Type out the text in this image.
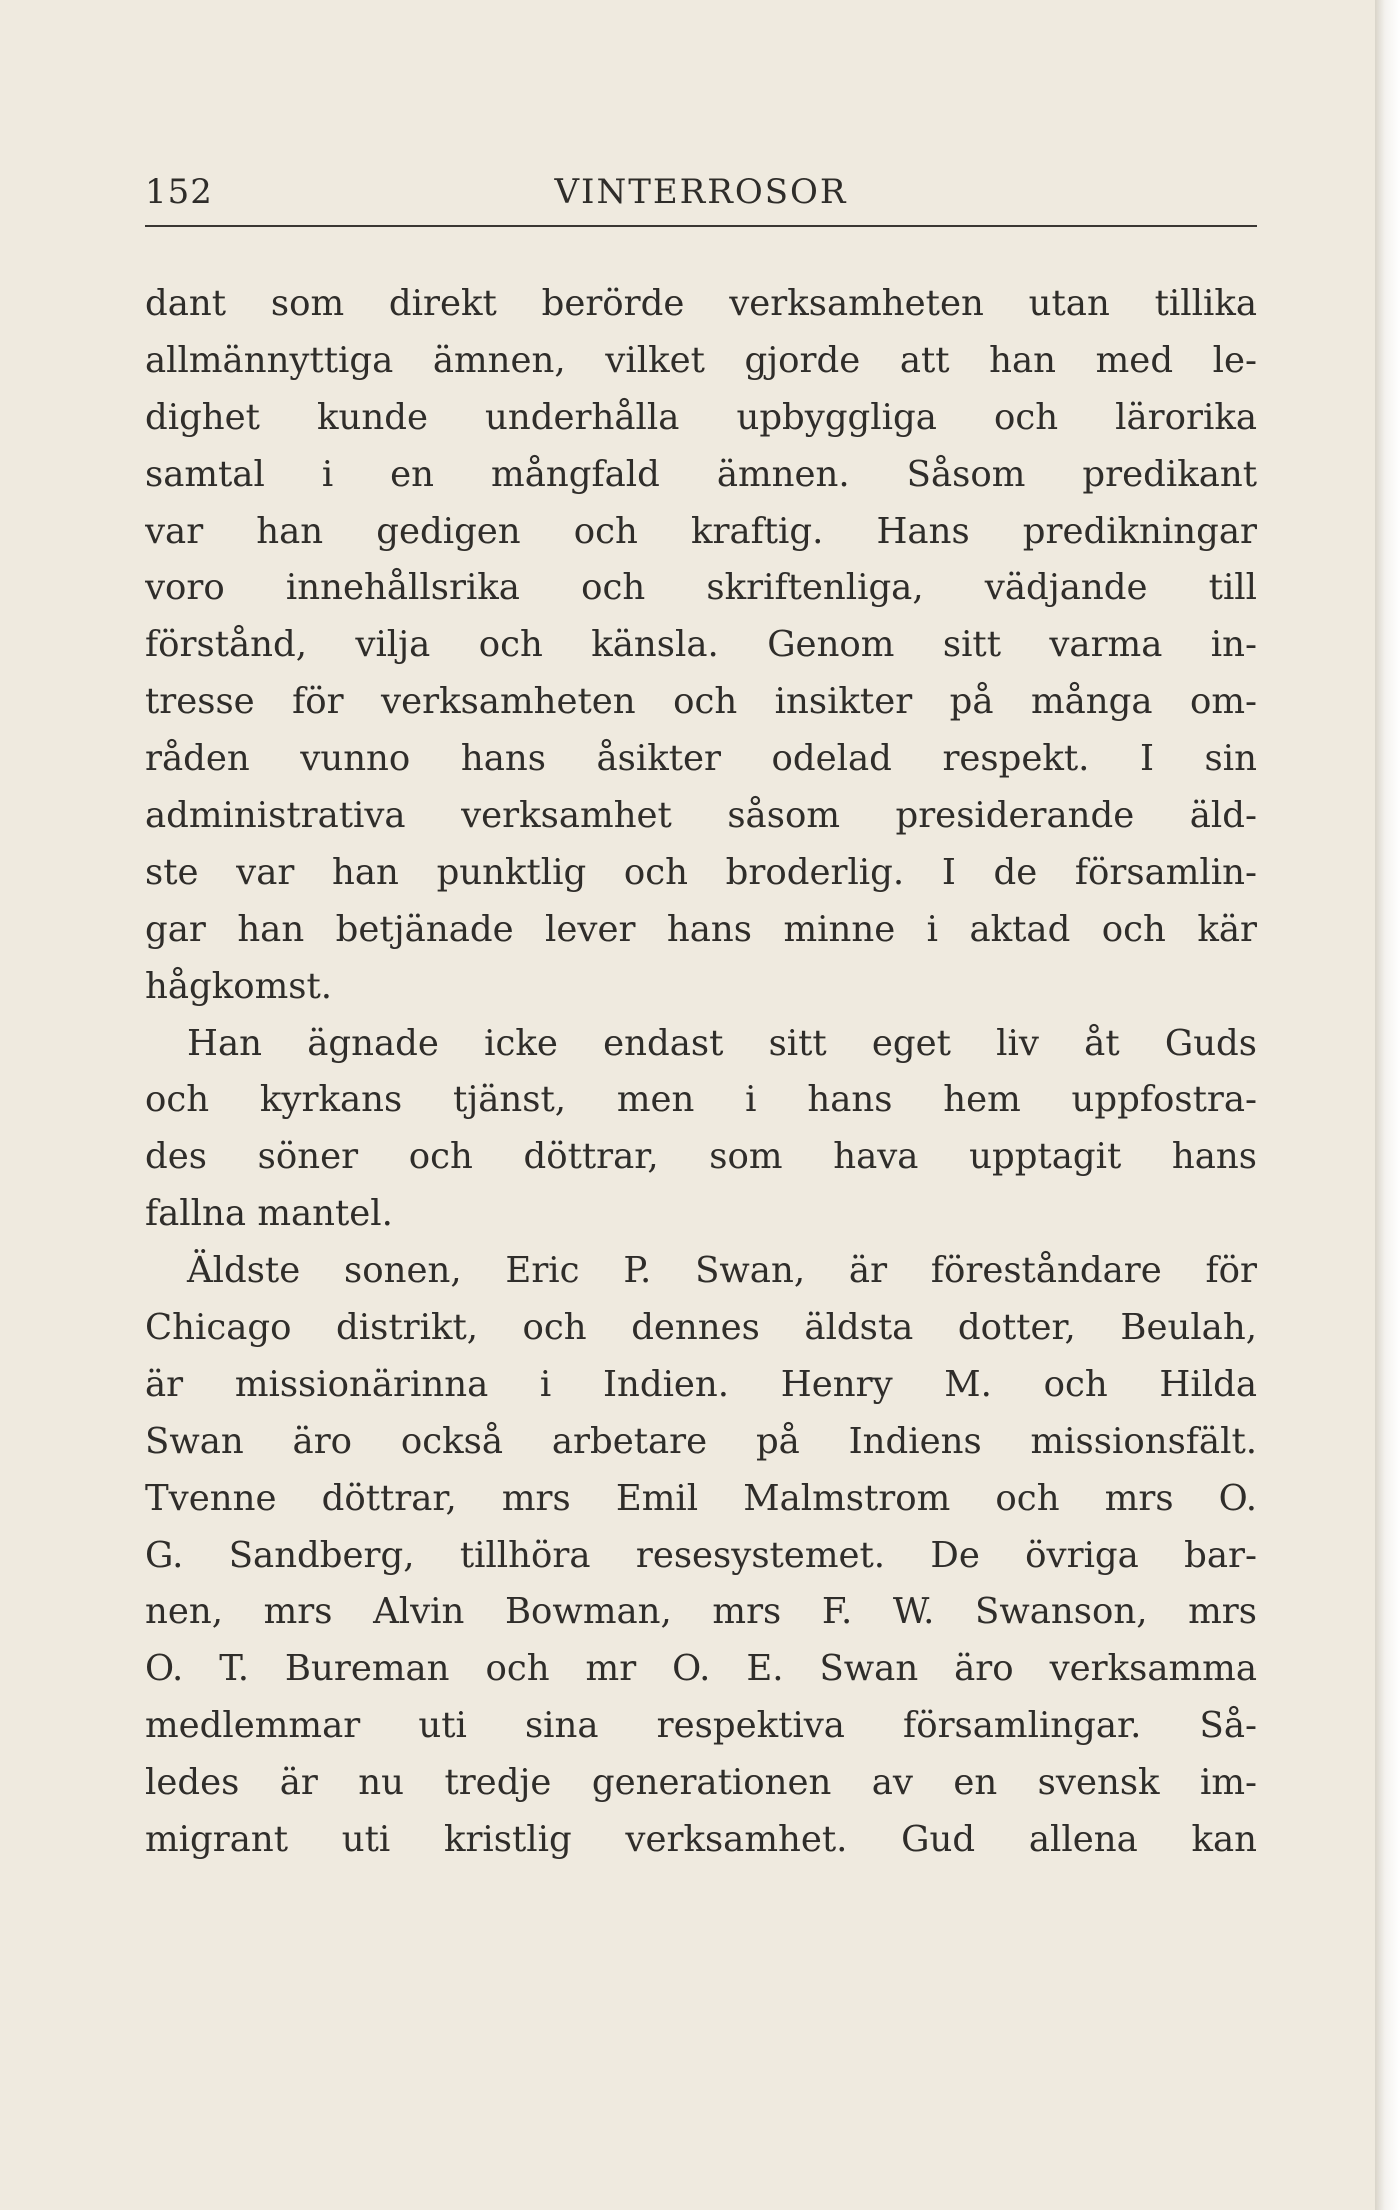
152	VINTERROSOR
dant som direkt berörde verksamheten utan tillika
allmännyttiga ämnen, vilket gjorde att han med le-
dighet kunde underhålla upbyggliga och lärorika
samtal i en mångfald ämnen. Såsom predikant
var han gedigen och kraftig. Hans predikningar
voro innehållsrika och skriftenliga, vädjande till
förstånd, vilja och känsla. Genom sitt varma in-
tresse för verksamheten och insikter på många om-
råden vunno hans åsikter odelad respekt. I sin
administrativa verksamhet såsom presiderande äld-
ste var han punktlig och broderlig. I de församlin-
gar han betjänade lever hans minne i aktad och kär
hågkomst.
Han ägnade icke endast sitt eget liv åt Guds
och kyrkans tjänst, men i hans hem uppfostra-
des söner och döttrar, som hava upptagit hans
fallna mantel.
Äldste sonen, Eric P. Swan, är föreståndare för
Chicago distrikt, och dennes äldsta dotter, Beulah,
är missionärinna i Indien. Henry M. och Hilda
Swan äro också arbetare på Indiens missionsfält.
Tvenne döttrar, mrs Emil Malmstrom och mrs O.
G. Sandberg, tillhöra resesystemet. De övriga bar-
nen, mrs Alvin Bowman, mrs F. W. Swanson, mrs
O. T. Bureman och mr O. E. Swan äro verksamma
medlemmar uti sina respektiva församlingar. Så-
ledes är nu tredje generationen av en svensk im-
migrant uti kristlig verksamhet. Gud allena kan
